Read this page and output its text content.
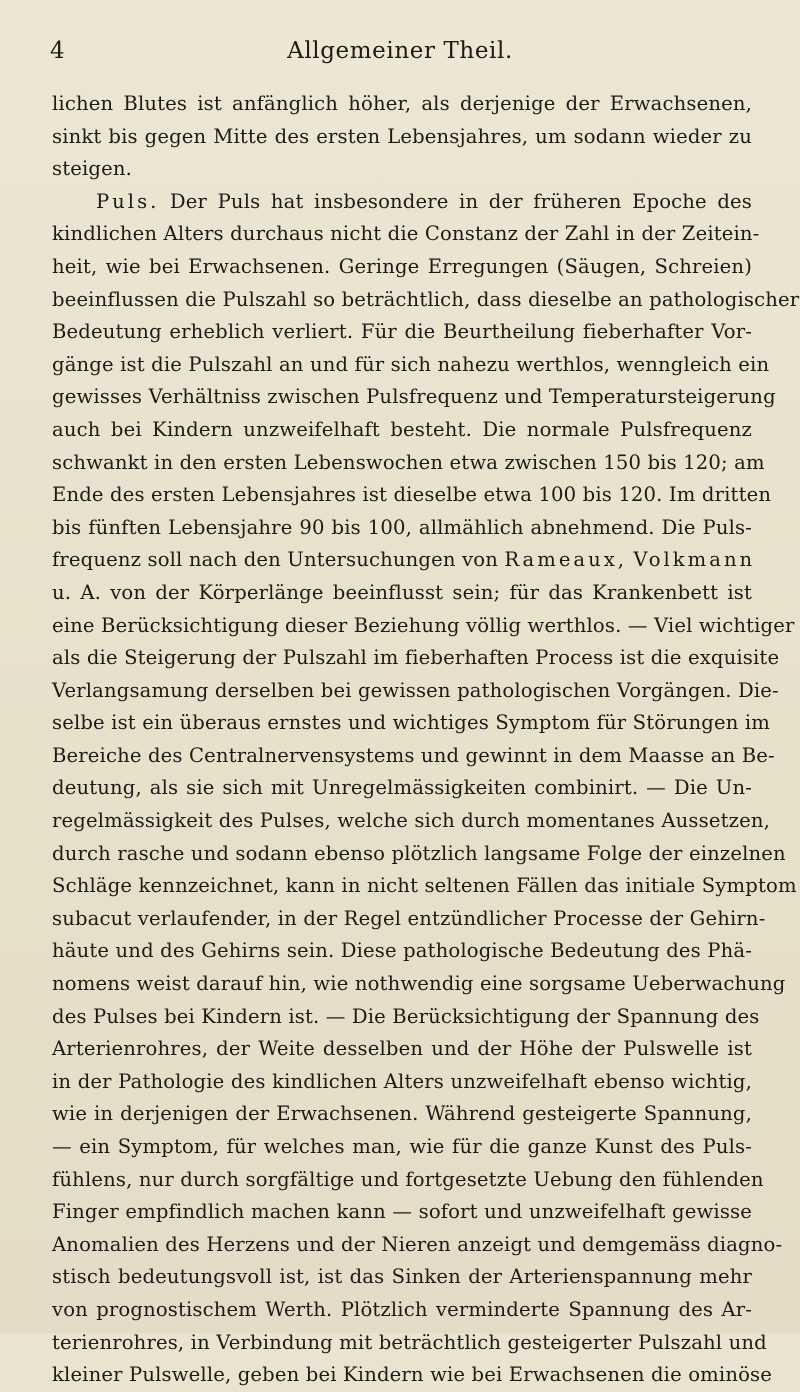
4	Allgemeiner Theil.
lichen Blutes ist anfänglich höher, als derjenige der Erwachsenen,
sinkt bis gegen Mitte des ersten Lebensjahres, um sodann wieder zu
steigen.
Puls. Der Puls hat insbesondere in der früheren Epoche des
kindlichen Alters durchaus nicht die Constanz der Zahl in der Zeitein-
heit, wie bei Erwachsenen. Geringe Erregungen (Säugen, Schreien)
beeinflussen die Pulszahl so beträchtlich, dass dieselbe an pathologischer
Bedeutung erheblich verliert. Für die Beurtheilung fieberhafter Vor-
gänge ist die Pulszahl an und für sich nahezu werthlos, wenngleich ein
gewisses Verhältniss zwischen Pulsfrequenz und Temperatursteigerung
auch bei Kindern unzweifelhaft besteht. Die normale Pulsfrequenz
schwankt in den ersten Lebenswochen etwa zwischen 150 bis 120; am
Ende des ersten Lebensjahres ist dieselbe etwa 100 bis 120. Im dritten
bis fünften Lebensjahre 90 bis 100, allmählich abnehmend. Die Puls-
frequenz soll nach den Untersuchungen von Rameaux, Volkmann
u. A. von der Körperlänge beeinflusst sein; für das Krankenbett ist
eine Berücksichtigung dieser Beziehung völlig werthlos. — Viel wichtiger
als die Steigerung der Pulszahl im fieberhaften Process ist die exquisite
Verlangsamung derselben bei gewissen pathologischen Vorgängen. Die-
selbe ist ein überaus ernstes und wichtiges Symptom für Störungen im
Bereiche des Centralnervensystems und gewinnt in dem Maasse an Be-
deutung, als sie sich mit Unregelmässigkeiten combinirt. — Die Un-
regelmässigkeit des Pulses, welche sich durch momentanes Aussetzen,
durch rasche und sodann ebenso plötzlich langsame Folge der einzelnen
Schläge kennzeichnet, kann in nicht seltenen Fällen das initiale Symptom
subacut verlaufender, in der Regel entzündlicher Processe der Gehirn-
häute und des Gehirns sein. Diese pathologische Bedeutung des Phä-
nomens weist darauf hin, wie nothwendig eine sorgsame Ueberwachung
des Pulses bei Kindern ist. — Die Berücksichtigung der Spannung des
Arterienrohres, der Weite desselben und der Höhe der Pulswelle ist
in der Pathologie des kindlichen Alters unzweifelhaft ebenso wichtig,
wie in derjenigen der Erwachsenen. Während gesteigerte Spannung,
— ein Symptom, für welches man, wie für die ganze Kunst des Puls-
fühlens, nur durch sorgfältige und fortgesetzte Uebung den fühlenden
Finger empfindlich machen kann — sofort und unzweifelhaft gewisse
Anomalien des Herzens und der Nieren anzeigt und demgemäss diagno-
stisch bedeutungsvoll ist, ist das Sinken der Arterienspannung mehr
von prognostischem Werth. Plötzlich verminderte Spannung des Ar-
terienrohres, in Verbindung mit beträchtlich gesteigerter Pulszahl und
kleiner Pulswelle, geben bei Kindern wie bei Erwachsenen die ominöse
